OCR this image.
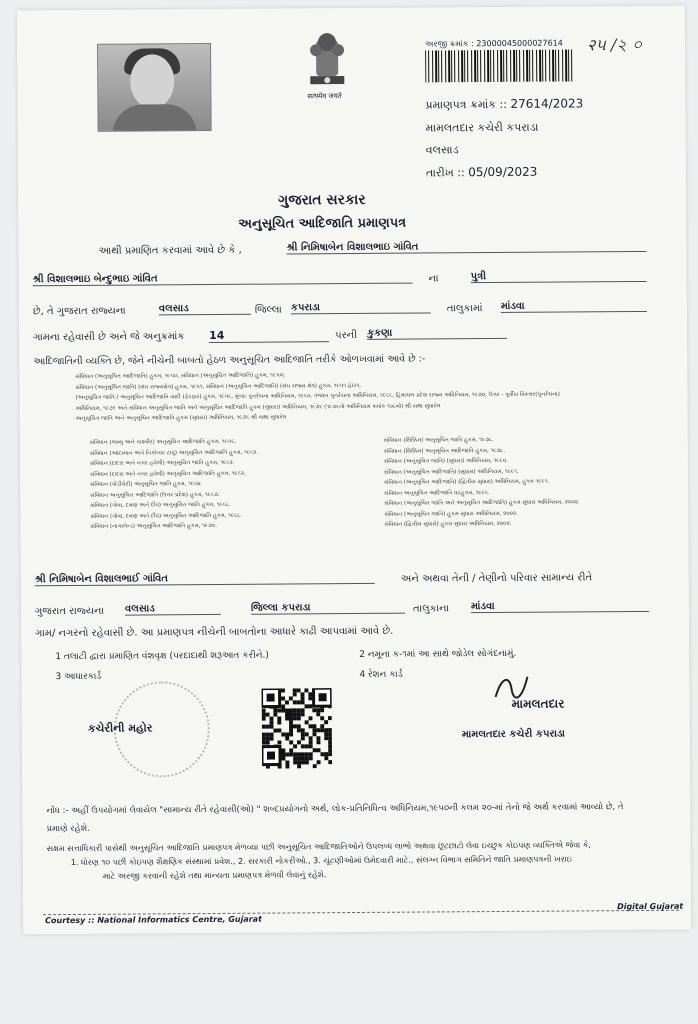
सत्यमेव जयते
અરજી ક્રમાંક : 23000045000027614 २૫ /২ ০
પ્રમાણપત્ર ક્રમાંક :: 27614/2023
મામલતદાર કચેરી કપરાડા
વલસાડ
તારીખ :: 05/09/2023
ગુજરાત સરકાર
અનુસૂચિત આદિજાતિ પ્રમાણપત્ર
આથી પ્રમાણિત કરવામાં આવે છે કે ,	શ્રી નિમિષાબેન વિશાલભાઇ ગાંવિત
શ્રી વિશાલભાઇ બેન્દુભાઇ ગાંવિત	ના	પુત્રી
છે, તે ગુજરાત રાજ્યના	વલસાડ	જિલ્લા કપરાડા	તાલુકામાં માંડવા
ગામના રહેવાસી છે અને જે અનુક્રમાંક 14	પરની કુકણા
આદિજાતિની વ્યક્તિ છે, જેને નીચેની બાબતો હેઠળ અનુસૂચિત આદિજાતિ તરીકે ઓળખવામાં આવે છે :-
સંવિધાન (અનુસૂચિત આદિજાતિ) હુકમ, ૧૯૫૦, સંવિધાન (અનુસૂચિત આદિજાતિ) હુકમ, ૧૯૫૦;
સંવિધાન (અનુસૂચિત જાતિ) (સંઘ રાજ્યક્ષેત્ર) હુકમ, ૧૯૫૧, સંવિધાન (અનુસૂચિત આદિજાતિ) (સંઘ રાજ્ય ક્ષેત્ર) હુકમ, ૧૯૫૧ હેઠળ,
(અનુસૂચિત જાતિ / અનુસૂચિત આદિજાતિ યાદી (ફેરફાર) હુકમ, ૧૯૫૬, મુંબઇ પુનર્રચના અધિનિયમ, ૧૯૬૦, પંજાબ પુનર્રચના અધિનિયમ, ૧૯૬૬, હિમાચલ પ્રદેશ રાજ્ય અધિનિયમ, ૧૯૭૦, ઉત્તર - પૂર્વીય વિસ્તાર(પુનર્રચના)
અધિનિયમ, ૧૯૭૧ અને સંવિધાન અનુસૂચિત જાતિ અને અનુસૂચિત આદિજાતિ હુકમ (સુધારા) અધિનિયમ, ૧૯૭૬ (૧૯૭૬નો અધિનિયમ ક્રમાંક ૧૦૮મો) થી યથા સુધારેલ
અનુસૂચિત જાતિ અને અનુસૂચિત આદિજાતિ હુકમ (સુધારા) અધિનિયમ, ૧૯૭૬ થી યથા સુધારેલ
સંવિધાન (જમ્મુ અને કાશ્મીર) અનુસૂચિત આદિજાતિ હુકમ, ૧૯૫૬.
સંવિધાન (આંદામાન અને નિકોબાર ટાપુ) અનુસૂચિત આદિજાતિ હુકમ, ૧૯૬૨.
સંવિધાન (દાદરા અને નગર હવેલી) અનુસૂચિત જાતિ હુકમ, ૧૯૬૨.
સંવિધાન (દાદરા અને નગર હવેલી) અનુસૂચિત આદિજાતિ હુકમ, ૧૯૬૨.
સંવિધાન (પોંડીચેરી) અનુસૂચિત જાતિ હુકમ, ૧૯૬૪.
સંવિધાન અનુસૂચિત આદિજાતિ (ઉત્તર પ્રદેશ) હુકમ, ૧૯૬૭.
સંવિધાન (ગોવા, દમણ અને દીવ) અનુસૂચિત જાતિ હુકમ, ૧૯૬૮.
સંવિધાન (ગોવા, દમણ અને દીવ) અનુસૂચિત આદિજાતિ હુકમ, ૧૯૬૮.
સંવિધાન (નાગાલેન્ડ) અનુસૂચિત આદિજાતિ હુકમ, ૧૯૭૦.
સંવિધાન (સિક્કિમ) અનુસૂચિત જાતિ હુકમ, ૧૯૭૮.
સંવિધાન (સિક્કિમ) અનુસૂચિત આદિજાતિ હુકમ, ૧૯૭૮.
સંવિધાન (અનુસૂચિત જાતિ) (સુધારા) અધિનિયમ, ૧૯૯૦.
સંવિધાન (અનુસૂચિત આદિજાતિ) (સુધારા) અધિનિયમ, ૧૯૯૧.
સંવિધાન (અનુસૂચિત આદિજાતિ) (દ્વિતીય સુધારા) અધિનિયમ, હુકમ ૧૯૯૧.
સંવિધાન અનુસૂચિત આદિજાતિ વટહુકમ, ૧૯૯૬.
સંવિધાન (અનુસૂચિત જાતિ અને અનુસૂચિત આદિજાતિ) હુકમ સુધારા અધિનિયમ, ૨૦૦૨.
સંવિધાન (અનુસૂચિત જાતિ) હુકમ સુધારા અધિનિયમ, ૨૦૦૨.
સંવિધાન (દ્વિતીય સુધારો) હુકમ સુધારા અધિનિયમ, ૨૦૦૨.
શ્રી નિમિષાબેન વિશાલભાઈ ગાંવિત	અને અથવા તેની / તેણીનો પરિવાર સામાન્ય રીતે
ગુજરાત રાજ્યના વલસાડ	જિલ્લા કપરાડા	તાલુકાના માંડવા
ગામ/ નગરનો રહેવાસી છે. આ પ્રમાણપત્ર નીચેની બાબતોના આધારે કાઢી આપવામાં આવે છે.
1 તલાટી દ્વારા પ્રમાણિત વંશવૃક્ષ (પરદાદાથી શરૂઆત કરીને.)	2 નમૂના ક-૧માં આ સાથે જોડેલ સોગંદનામું.
3 આધારકાર્ડ	4 રેશન કાર્ડ
કચેરીની મહોર
મામલતદાર
મામલતદાર કચેરી કપરાડા
નોંધ :- અહીં ઉપયોગમાં લેવાયેલ "સામાન્ય રીતે રહેવાસી(ઓ) " શબ્દપ્રયોગનો અર્થ, લોક-પ્રતિનિધિત્વ અધિનિયમ,૧૯૫૦ની કલમ ૨૦-માં તેનો જે અર્થ કરવામાં આવ્યો છે, તે
પ્રમાણે રહેશે.
સક્ષમ સત્તાધિકારી પાસેથી અનુસૂચિત આદિજાતિ પ્રમાણપત્ર મેળવ્યા પછી અનુસૂચિત આદિજાતિઓને ઉપલબ્ધ લાભો અથવા છૂટછાટો લેવા ઇચ્છુક કોઇપણ વ્યક્તિએ જેવા કે,
1. ધોરણ ૧૦ પછી કોઇપણ શૈક્ષણિક સંસ્થામાં પ્રવેશ., 2. સરકારી નોકરીઓ., 3. ચૂંટણીઓમાં ઉમેદવારી માટે., સંલગ્ન વિભાગ સમિતિને જાતિ પ્રમાણપત્રની ખરાઇ
માટે અરજી કરવાની રહેશે તથા માન્યતા પ્રમાણપત્ર મેળવી લેવાનું રહેશે.
Courtesy :: National Informatics Centre, Gujarat
Digital Gujarat
